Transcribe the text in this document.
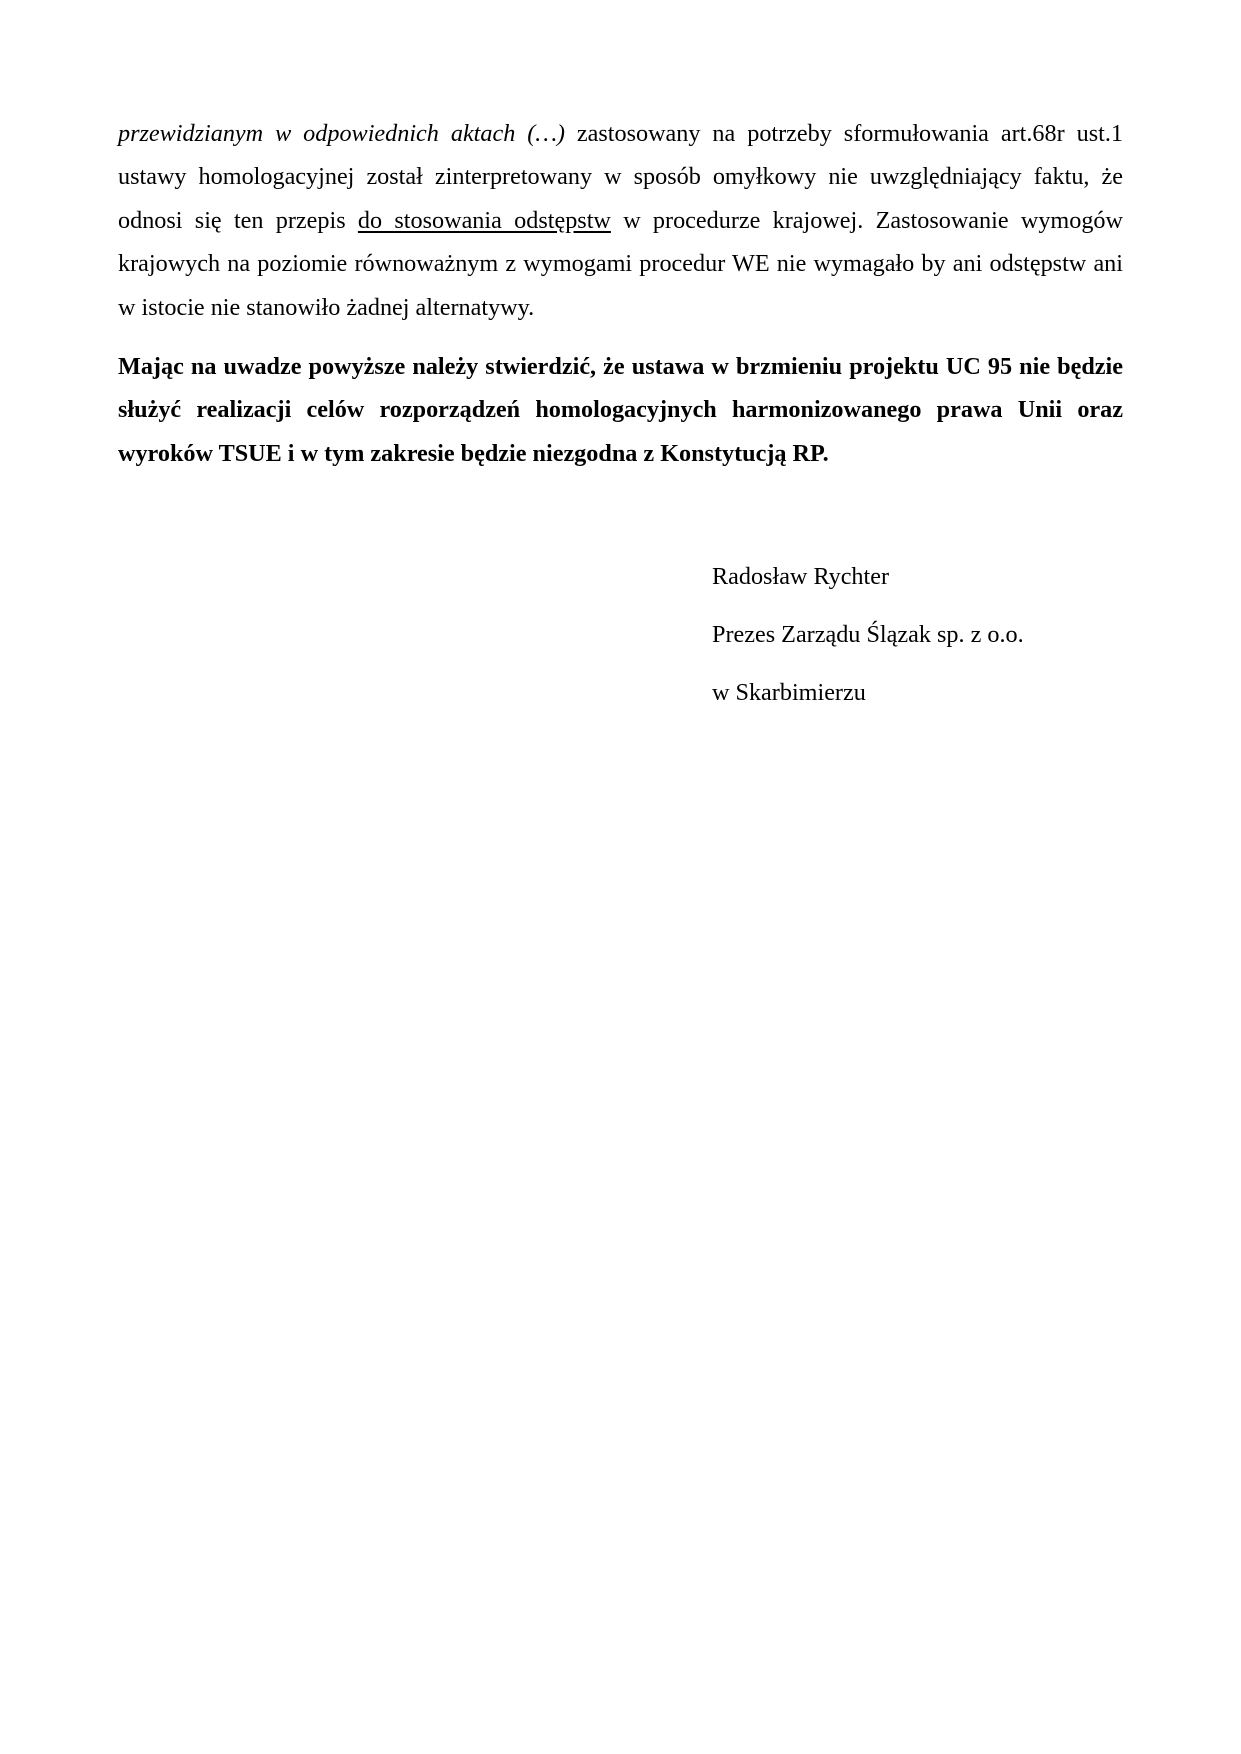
przewidzianym w odpowiednich aktach (…) zastosowany na potrzeby sformułowania art.68r ust.1 ustawy homologacyjnej został zinterpretowany w sposób omyłkowy nie uwzględniający faktu, że odnosi się ten przepis do stosowania odstępstw w procedurze krajowej. Zastosowanie wymogów krajowych na poziomie równoważnym z wymogami procedur WE nie wymagało by ani odstępstw ani w istocie nie stanowiło żadnej alternatywy.

Mając na uwadze powyższe należy stwierdzić, że ustawa w brzmieniu projektu UC 95 nie będzie służyć realizacji celów rozporządzeń homologacyjnych harmonizowanego prawa Unii oraz wyroków TSUE i w tym zakresie będzie niezgodna z Konstytucją RP.

Radosław Rychter
Prezes Zarządu Ślązak sp. z o.o.
w Skarbimierzu
